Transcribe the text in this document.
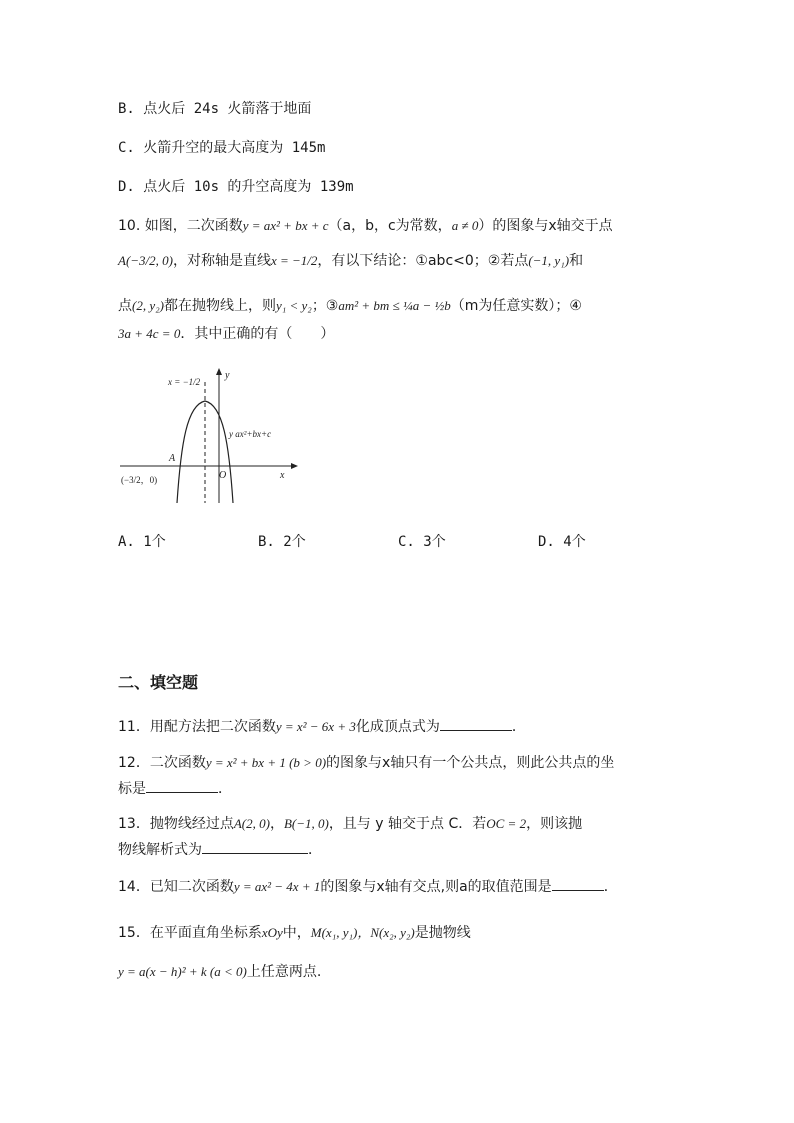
B. 点火后 24s 火箭落于地面
C. 火箭升空的最大高度为 145m
D. 点火后 10s 的升空高度为 139m
10. 如图，二次函数y = ax² + bx + c（a，b，c为常数，a ≠ 0）的图象与x轴交于点
A(−3/2, 0)，对称轴是直线x = −1/2，有以下结论：①abc<0；②若点(−1, y₁)和
点(2, y₂)都在抛物线上，则y₁ < y₂；③am² + bm ≤ ¼a − ½b（m为任意实数）；④
3a + 4c = 0．其中正确的有（　　）
x = −1/2
y ax²+bx+c
A
O	x
y
(−3/2，0)
A. 1个	B. 2个	C. 3个	D. 4个
二、填空题
11．用配方法把二次函数y = x² − 6x + 3化成顶点式为	．
12．二次函数y = x² + bx + 1 (b > 0)的图象与x轴只有一个公共点，则此公共点的坐
标是	．
13．抛物线经过点A(2, 0)，B(−1, 0)，且与 y 轴交于点 C．若OC = 2，则该抛
物线解析式为	．
14．已知二次函数y = ax² − 4x + 1的图象与x轴有交点,则a的取值范围是	．
15．在平面直角坐标系xOy中，M(x₁, y₁)，N(x₂, y₂)是抛物线
y = a(x − h)² + k (a < 0)上任意两点.
